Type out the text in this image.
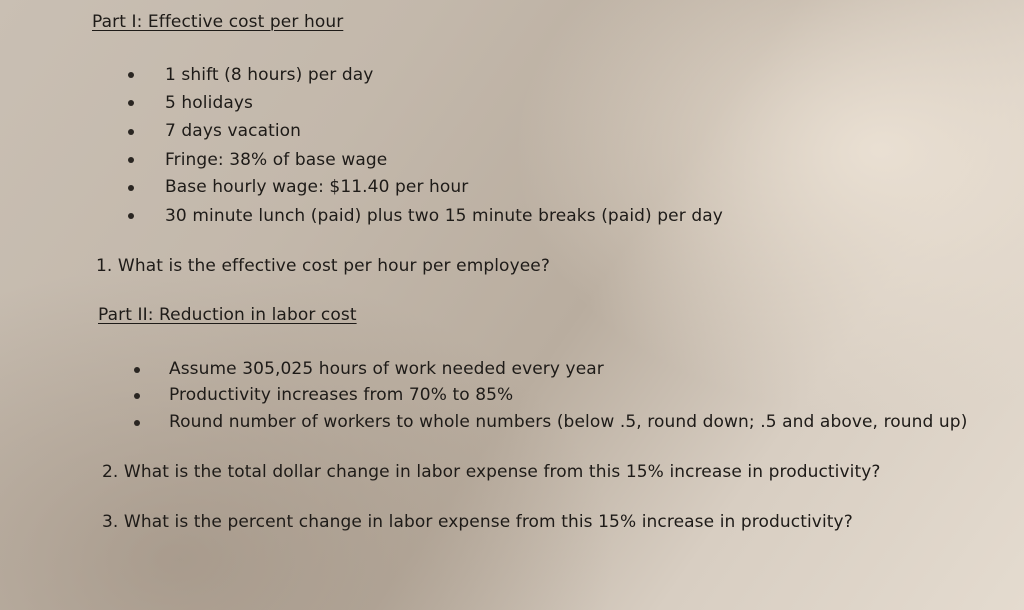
Part I: Effective cost per hour
1 shift (8 hours) per day
5 holidays
7 days vacation
Fringe: 38% of base wage
Base hourly wage: $11.40 per hour
30 minute lunch (paid) plus two 15 minute breaks (paid) per day
1. What is the effective cost per hour per employee?
Part II: Reduction in labor cost
Assume 305,025 hours of work needed every year
Productivity increases from 70% to 85%
Round number of workers to whole numbers (below .5, round down; .5 and above, round up)
2. What is the total dollar change in labor expense from this 15% increase in productivity?
3. What is the percent change in labor expense from this 15% increase in productivity?
